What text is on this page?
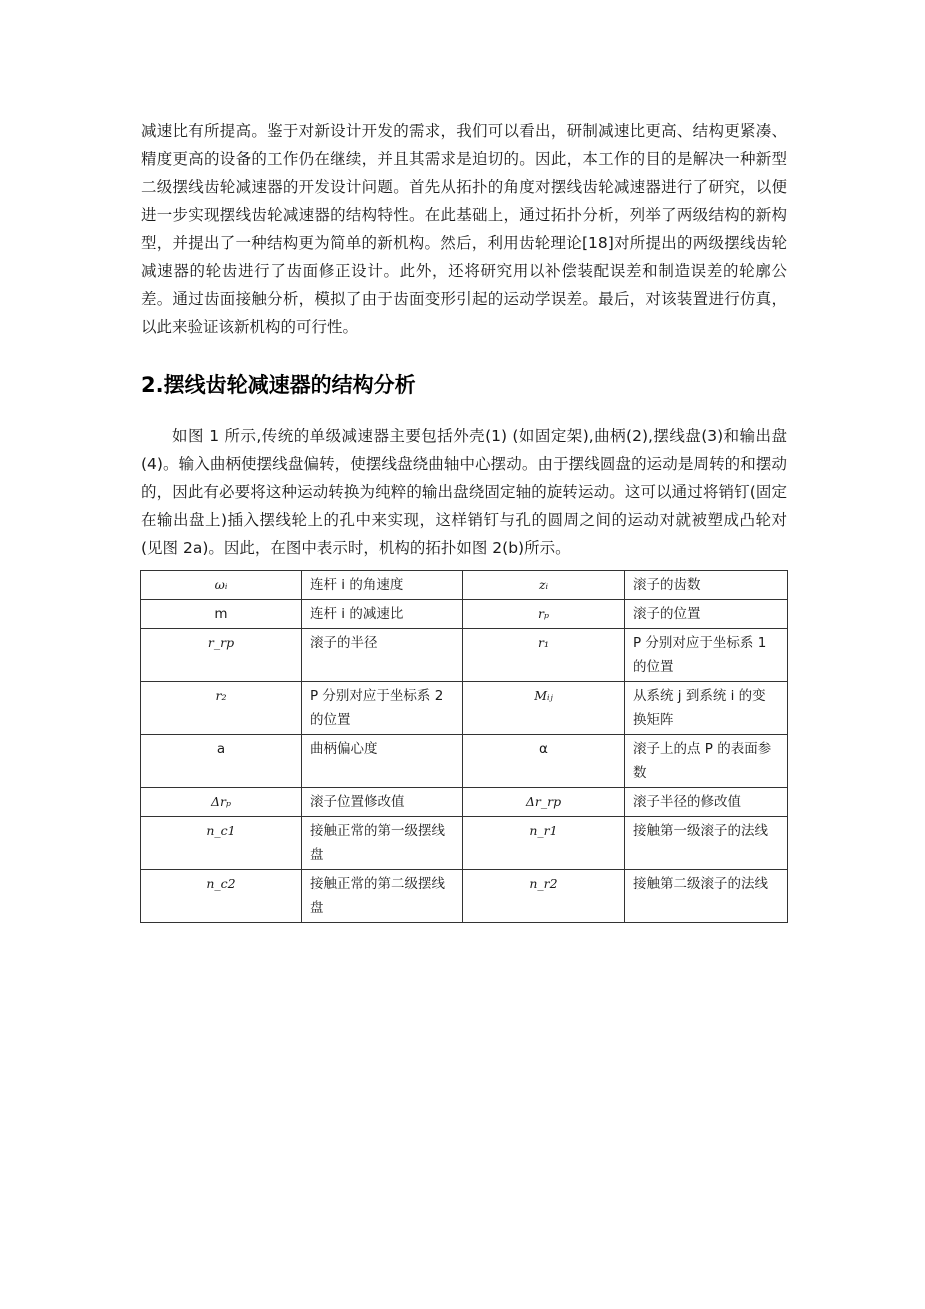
减速比有所提高。鉴于对新设计开发的需求，我们可以看出，研制减速比更高、结构更紧凑、精度更高的设备的工作仍在继续，并且其需求是迫切的。因此，本工作的目的是解决一种新型二级摆线齿轮减速器的开发设计问题。首先从拓扑的角度对摆线齿轮减速器进行了研究，以便进一步实现摆线齿轮减速器的结构特性。在此基础上，通过拓扑分析，列举了两级结构的新构型，并提出了一种结构更为简单的新机构。然后，利用齿轮理论[18]对所提出的两级摆线齿轮减速器的轮齿进行了齿面修正设计。此外，还将研究用以补偿装配误差和制造误差的轮廓公差。通过齿面接触分析，模拟了由于齿面变形引起的运动学误差。最后，对该装置进行仿真，以此来验证该新机构的可行性。

2.摆线齿轮减速器的结构分析

如图 1 所示,传统的单级减速器主要包括外壳(1) (如固定架),曲柄(2),摆线盘(3)和输出盘(4)。输入曲柄使摆线盘偏转，使摆线盘绕曲轴中心摆动。由于摆线圆盘的运动是周转的和摆动的，因此有必要将这种运动转换为纯粹的输出盘绕固定轴的旋转运动。这可以通过将销钉(固定在输出盘上)插入摆线轮上的孔中来实现，这样销钉与孔的圆周之间的运动对就被塑成凸轮对(见图 2a)。因此，在图中表示时，机构的拓扑如图 2(b)所示。

ωᵢ	连杆 i 的角速度	zᵢ	滚子的齿数
m	连杆 i 的减速比	rₚ	滚子的位置
r_rp	滚子的半径	r₁	P 分别对应于坐标系 1 的位置
r₂	P 分别对应于坐标系 2 的位置	Mᵢⱼ	从系统 j 到系统 i 的变换矩阵
a	曲柄偏心度	α	滚子上的点 P 的表面参数
Δrₚ	滚子位置修改值	Δr_rp	滚子半径的修改值
n_c1	接触正常的第一级摆线盘	n_r1	接触第一级滚子的法线
n_c2	接触正常的第二级摆线盘	n_r2	接触第二级滚子的法线
